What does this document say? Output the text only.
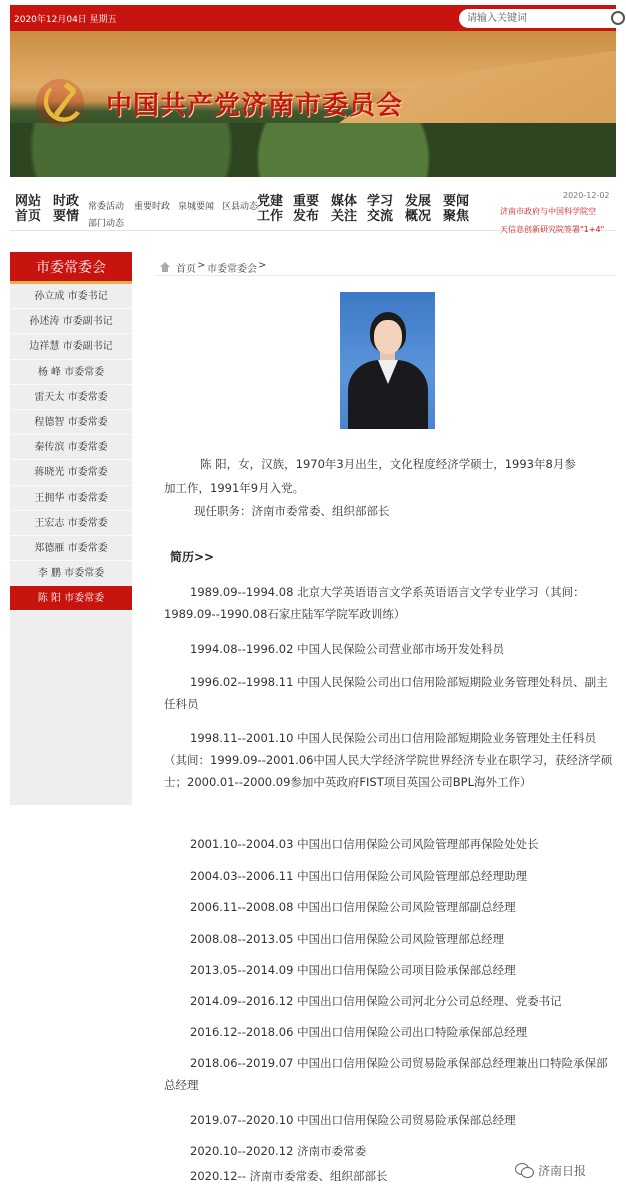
2020年12月04日 星期五
请输入关键词
中国共产党济南市委员会
网站
首页
时政
要情
常委活动 重要时政 泉城要闻 区县动态
部门动态
党建
工作
重要
发布
媒体
关注
学习
交流
发展
概况
要闻
聚焦
2020-12-02
济南市政府与中国科学院空
天信息创新研究院签署"1+4"
市委常委会
孙立成 市委书记
孙述涛 市委副书记
边祥慧 市委副书记
杨 峰 市委常委
雷天太 市委常委
程德智 市委常委
秦传滨 市委常委
蒋晓光 市委常委
王拥华 市委常委
王宏志 市委常委
郑德雁 市委常委
李 鹏 市委常委
陈 阳 市委常委
首页 > 市委常委会 >
陈 阳，女，汉族，1970年3月出生，文化程度经济学硕士，1993年8月参
加工作，1991年9月入党。
现任职务：济南市委常委、组织部部长
简历>>
1989.09--1994.08 北京大学英语语言文学系英语语言文学专业学习（其间：1989.09--1990.08石家庄陆军学院军政训练）
1994.08--1996.02 中国人民保险公司营业部市场开发处科员
1996.02--1998.11 中国人民保险公司出口信用险部短期险业务管理处科员、副主任科员
1998.11--2001.10 中国人民保险公司出口信用险部短期险业务管理处主任科员（其间：1999.09--2001.06中国人民大学经济学院世界经济专业在职学习，获经济学硕士；2000.01--2000.09参加中英政府FIST项目英国公司BPL海外工作）
2001.10--2004.03 中国出口信用保险公司风险管理部再保险处处长
2004.03--2006.11 中国出口信用保险公司风险管理部总经理助理
2006.11--2008.08 中国出口信用保险公司风险管理部副总经理
2008.08--2013.05 中国出口信用保险公司风险管理部总经理
2013.05--2014.09 中国出口信用保险公司项目险承保部总经理
2014.09--2016.12 中国出口信用保险公司河北分公司总经理、党委书记
2016.12--2018.06 中国出口信用保险公司出口特险承保部总经理
2018.06--2019.07 中国出口信用保险公司贸易险承保部总经理兼出口特险承保部总经理
2019.07--2020.10 中国出口信用保险公司贸易险承保部总经理
2020.10--2020.12 济南市委常委
2020.12-- 济南市委常委、组织部部长	济南日报
